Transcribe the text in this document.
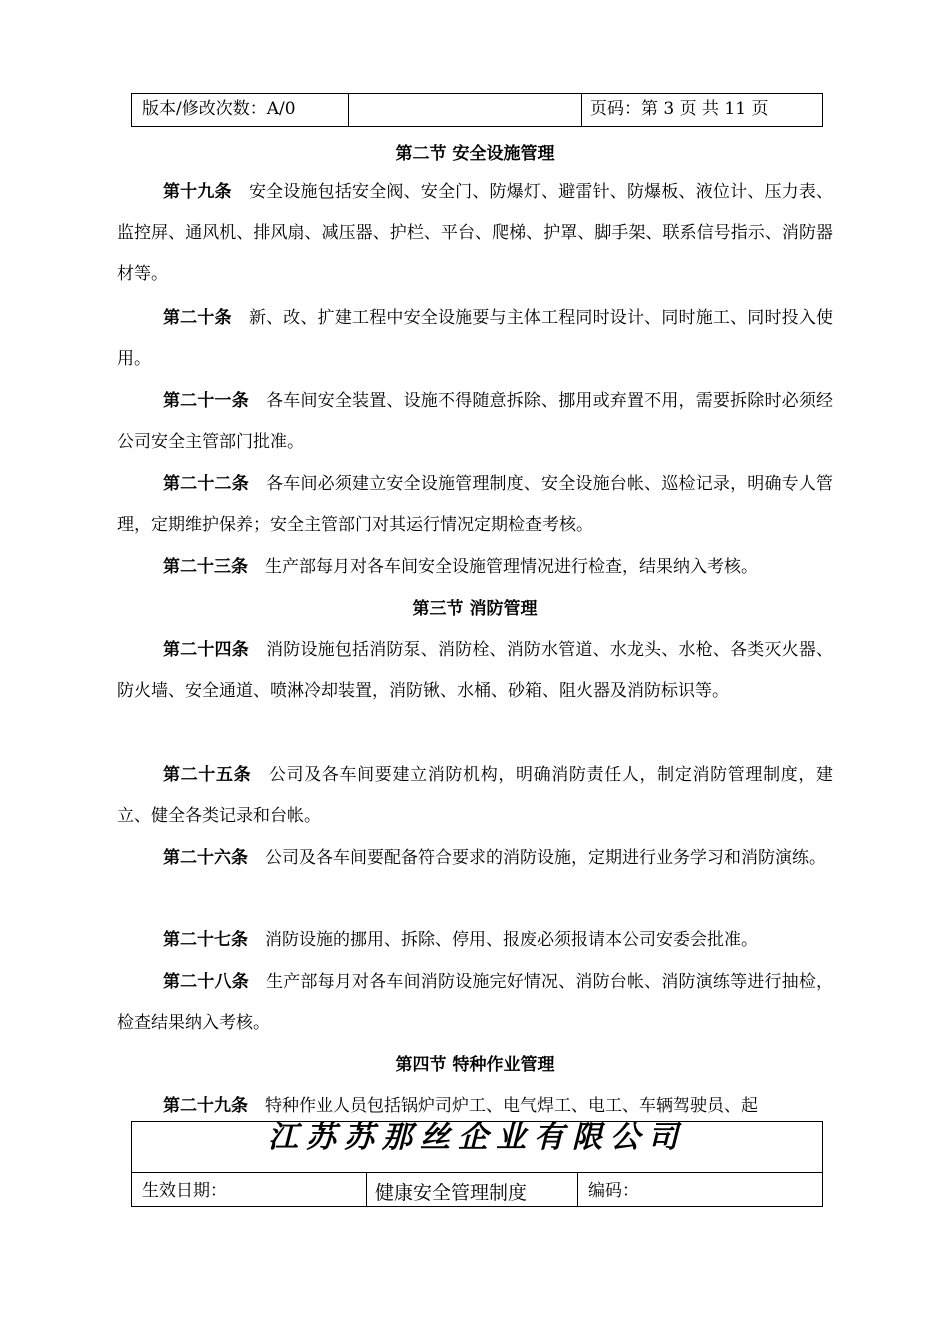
版本/修改次数：A/0	页码：第 3 页 共 11 页
第二节 安全设施管理

第十九条　 安全设施包括安全阀、安全门、防爆灯、避雷针、防爆板、液位计、压力表、监控屏、通风机、排风扇、减压器、护栏、平台、爬梯、护罩、脚手架、联系信号指示、消防器材等。

第二十条　 新、改、扩建工程中安全设施要与主体工程同时设计、同时施工、同时投入使用。

第二十一条　 各车间安全装置、设施不得随意拆除、挪用或弃置不用，需要拆除时必须经公司安全主管部门批准。

第二十二条　 各车间必须建立安全设施管理制度、安全设施台帐、巡检记录，明确专人管理，定期维护保养；安全主管部门对其运行情况定期检查考核。

第二十三条　 生产部每月对各车间安全设施管理情况进行检查，结果纳入考核。

第三节 消防管理

第二十四条　 消防设施包括消防泵、消防栓、消防水管道、水龙头、水枪、各类灭火器、防火墙、安全通道、喷淋冷却装置，消防锹、水桶、砂箱、阻火器及消防标识等。

第二十五条　 公司及各车间要建立消防机构，明确消防责任人，制定消防管理制度，建立、健全各类记录和台帐。

第二十六条　 公司及各车间要配备符合要求的消防设施，定期进行业务学习和消防演练。

第二十七条　 消防设施的挪用、拆除、停用、报废必须报请本公司安委会批准。

第二十八条　 生产部每月对各车间消防设施完好情况、消防台帐、消防演练等进行抽检，检查结果纳入考核。

第四节 特种作业管理

第二十九条　 特种作业人员包括锅炉司炉工、电气焊工、电工、车辆驾驶员、起

江苏苏那丝企业有限公司
生效日期：	健康安全管理制度	编码：
